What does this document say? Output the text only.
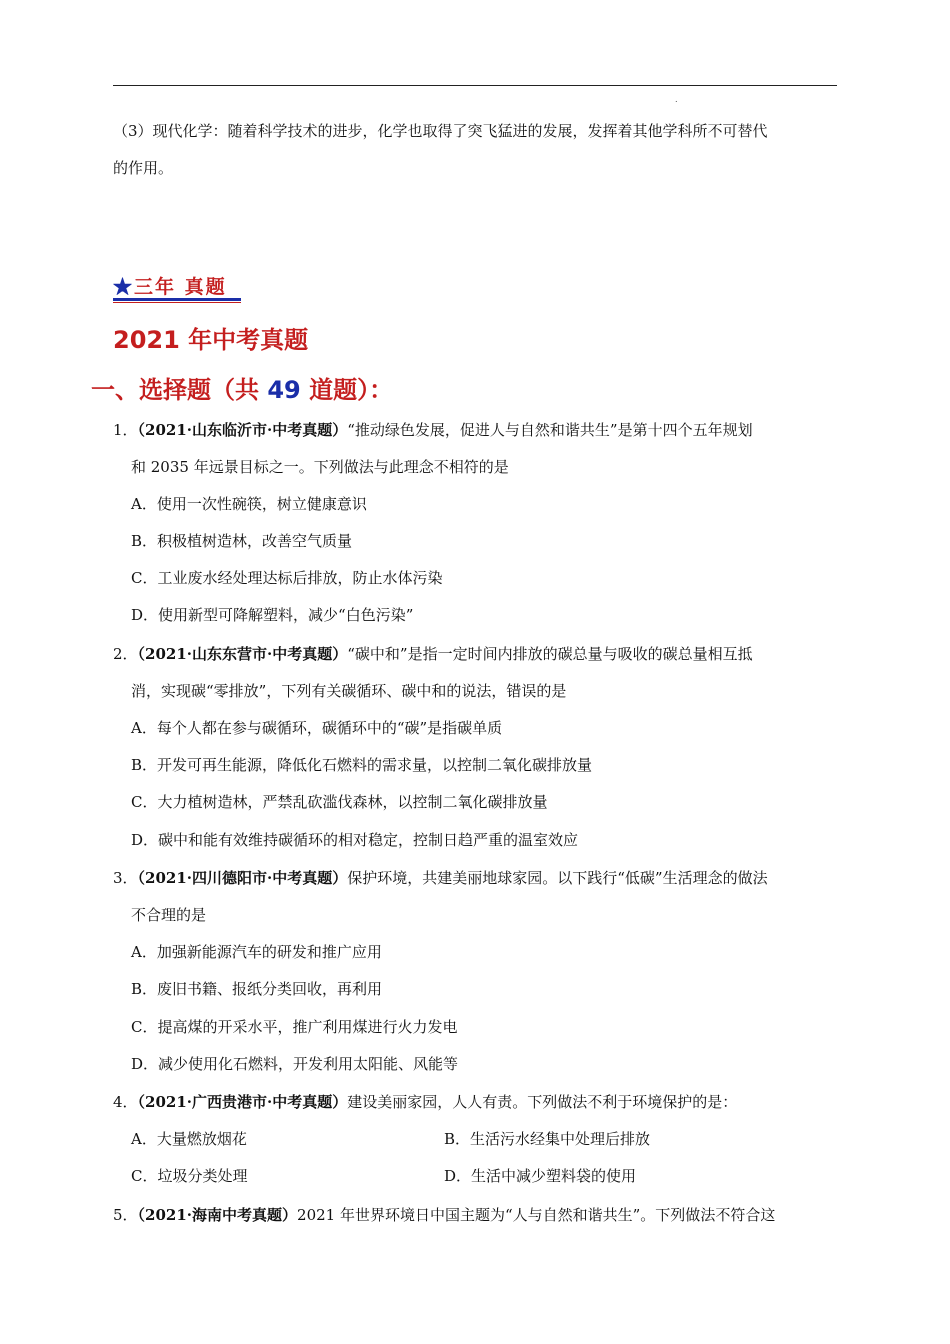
.
（3）现代化学：随着科学技术的进步，化学也取得了突飞猛进的发展，发挥着其他学科所不可替代
的作用。
★三年 真题
2021 年中考真题
一、选择题（共 49 道题）：
1．（2021·山东临沂市·中考真题）“推动绿色发展，促进人与自然和谐共生”是第十四个五年规划
和 2035 年远景目标之一。下列做法与此理念不相符的是
A．使用一次性碗筷，树立健康意识
B．积极植树造林，改善空气质量
C．工业废水经处理达标后排放，防止水体污染
D．使用新型可降解塑料，减少“白色污染”
2．（2021·山东东营市·中考真题）“碳中和”是指一定时间内排放的碳总量与吸收的碳总量相互抵
消，实现碳“零排放”，下列有关碳循环、碳中和的说法，错误的是
A．每个人都在参与碳循环，碳循环中的“碳”是指碳单质
B．开发可再生能源，降低化石燃料的需求量，以控制二氧化碳排放量
C．大力植树造林，严禁乱砍滥伐森林，以控制二氧化碳排放量
D．碳中和能有效维持碳循环的相对稳定，控制日趋严重的温室效应
3．（2021·四川德阳市·中考真题）保护环境，共建美丽地球家园。以下践行“低碳”生活理念的做法
不合理的是
A．加强新能源汽车的研发和推广应用
B．废旧书籍、报纸分类回收，再利用
C．提高煤的开采水平，推广利用煤进行火力发电
D．减少使用化石燃料，开发利用太阳能、风能等
4．（2021·广西贵港市·中考真题）建设美丽家园，人人有责。下列做法不利于环境保护的是：
A．大量燃放烟花	B．生活污水经集中处理后排放
C．垃圾分类处理	D．生活中减少塑料袋的使用
5．（2021·海南中考真题）2021 年世界环境日中国主题为“人与自然和谐共生”。下列做法不符合这
